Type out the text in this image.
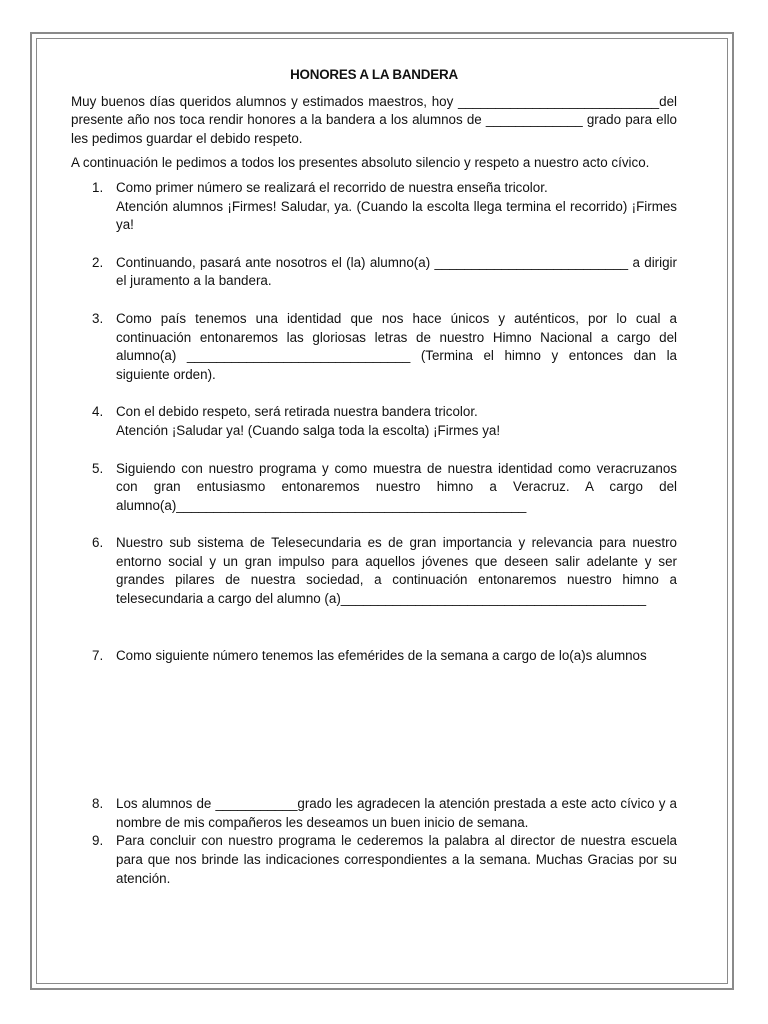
HONORES A LA BANDERA

Muy buenos días queridos alumnos y estimados maestros, hoy ___________________________del presente año nos toca rendir honores a la bandera a los alumnos de _____________ grado para ello les pedimos guardar el debido respeto.

A continuación le pedimos a todos los presentes absoluto silencio y respeto a nuestro acto cívico.

1. Como primer número se realizará el recorrido de nuestra enseña tricolor.
Atención alumnos ¡Firmes! Saludar, ya. (Cuando la escolta llega termina el recorrido) ¡Firmes ya!
2. Continuando, pasará ante nosotros el (la) alumno(a) __________________________ a dirigir el juramento a la bandera.
3. Como país tenemos una identidad que nos hace únicos y auténticos, por lo cual a continuación entonaremos las gloriosas letras de nuestro Himno Nacional a cargo del alumno(a) ______________________________ (Termina el himno y entonces dan la siguiente orden).
4. Con el debido respeto, será retirada nuestra bandera tricolor.
Atención ¡Saludar ya! (Cuando salga toda la escolta) ¡Firmes ya!
5. Siguiendo con nuestro programa y como muestra de nuestra identidad como veracruzanos con gran entusiasmo entonaremos nuestro himno a Veracruz. A cargo del alumno(a)_______________________________________________
6. Nuestro sub sistema de Telesecundaria es de gran importancia y relevancia para nuestro entorno social y un gran impulso para aquellos jóvenes que deseen salir adelante y ser grandes pilares de nuestra sociedad, a continuación entonaremos nuestro himno a telesecundaria a cargo del alumno (a)_________________________________________
7. Como siguiente número tenemos las efemérides de la semana a cargo de lo(a)s alumnos
8. Los alumnos de ___________grado les agradecen la atención prestada a este acto cívico y a nombre de mis compañeros les deseamos un buen inicio de semana.
9. Para concluir con nuestro programa le cederemos la palabra al director de nuestra escuela para que nos brinde las indicaciones correspondientes a la semana. Muchas Gracias por su atención.
